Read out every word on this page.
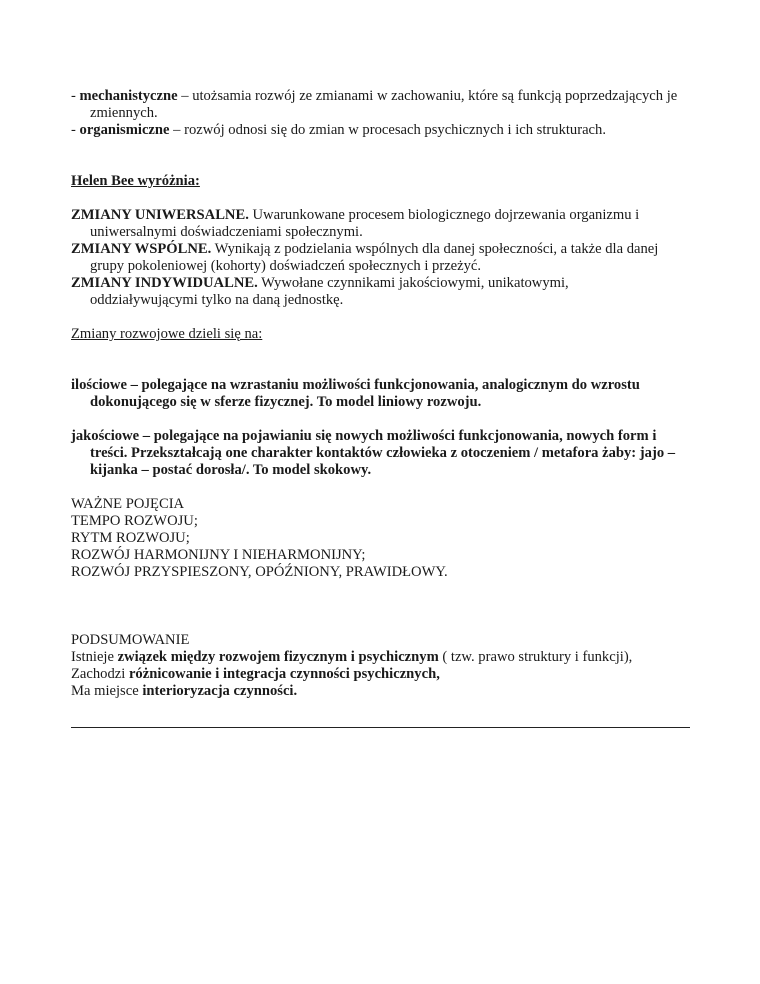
- mechanistyczne – utożsamia rozwój ze zmianami w zachowaniu, które są funkcją poprzedzających je
zmiennych.

- organismiczne – rozwój odnosi się do zmian w procesach psychicznych i ich strukturach.

Helen Bee wyróżnia:

ZMIANY UNIWERSALNE. Uwarunkowane procesem biologicznego dojrzewania organizmu i
uniwersalnymi doświadczeniami społecznymi.

ZMIANY WSPÓLNE. Wynikają z podzielania wspólnych dla danej społeczności, a także dla danej
grupy pokoleniowej (kohorty) doświadczeń społecznych i przeżyć.

ZMIANY INDYWIDUALNE. Wywołane czynnikami jakościowymi, unikatowymi,
oddziaływującymi tylko na daną jednostkę.

Zmiany rozwojowe dzieli się na:

ilościowe – polegające na wzrastaniu możliwości funkcjonowania, analogicznym do wzrostu
dokonującego się w sferze fizycznej. To model liniowy rozwoju.

jakościowe – polegające na pojawianiu się nowych możliwości funkcjonowania, nowych form i
treści. Przekształcają one charakter kontaktów człowieka z otoczeniem / metafora żaby: jajo –
kijanka – postać dorosła/. To model skokowy.

WAŻNE POJĘCIA

TEMPO ROZWOJU;

RYTM ROZWOJU;

ROZWÓJ HARMONIJNY I NIEHARMONIJNY;

ROZWÓJ PRZYSPIESZONY, OPÓŹNIONY, PRAWIDŁOWY.

PODSUMOWANIE

Istnieje związek między rozwojem fizycznym i psychicznym ( tzw. prawo struktury i funkcji),

Zachodzi różnicowanie i integracja czynności psychicznych,

Ma miejsce interioryzacja czynności.
